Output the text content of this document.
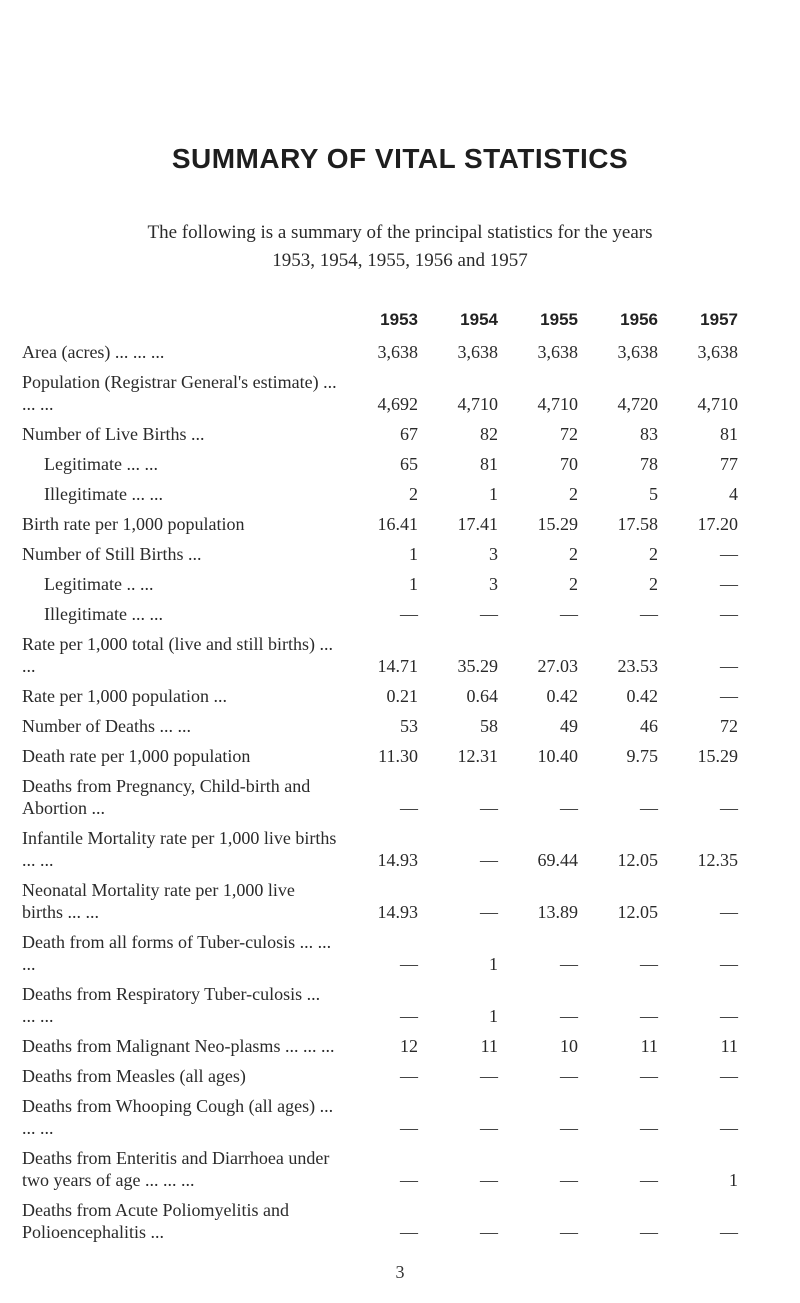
SUMMARY OF VITAL STATISTICS
The following is a summary of the principal statistics for the years
1953, 1954, 1955, 1956 and 1957
	1953	1954	1955	1956	1957
Area (acres) ... ... ...	3,638	3,638	3,638	3,638	3,638
Population (Registrar General's estimate) ... ... ...	4,692	4,710	4,710	4,720	4,710
Number of Live Births ...	67	82	72	83	81
Legitimate ... ...	65	81	70	78	77
Illegitimate ... ...	2	1	2	5	4
Birth rate per 1,000 population	16.41	17.41	15.29	17.58	17.20
Number of Still Births ...	1	3	2	2	—
Legitimate .. ...	1	3	2	2	—
Illegitimate ... ...	—	—	—	—	—
Rate per 1,000 total (live and still births) ... ...	14.71	35.29	27.03	23.53	—
Rate per 1,000 population ...	0.21	0.64	0.42	0.42	—
Number of Deaths ... ...	53	58	49	46	72
Death rate per 1,000 population	11.30	12.31	10.40	9.75	15.29
Deaths from Pregnancy, Child-birth and Abortion ...	—	—	—	—	—
Infantile Mortality rate per 1,000 live births ... ...	14.93	—	69.44	12.05	12.35
Neonatal Mortality rate per 1,000 live births ... ...	14.93	—	13.89	12.05	—
Death from all forms of Tuber-culosis ... ... ...	—	1	—	—	—
Deaths from Respiratory Tuber-culosis ... ... ...	—	1	—	—	—
Deaths from Malignant Neo-plasms ... ... ...	12	11	10	11	11
Deaths from Measles (all ages)	—	—	—	—	—
Deaths from Whooping Cough (all ages) ... ... ...	—	—	—	—	—
Deaths from Enteritis and Diarrhoea under two years of age ... ... ...	—	—	—	—	1
Deaths from Acute Poliomyelitis and Polioencephalitis ...	—	—	—	—	—
3
